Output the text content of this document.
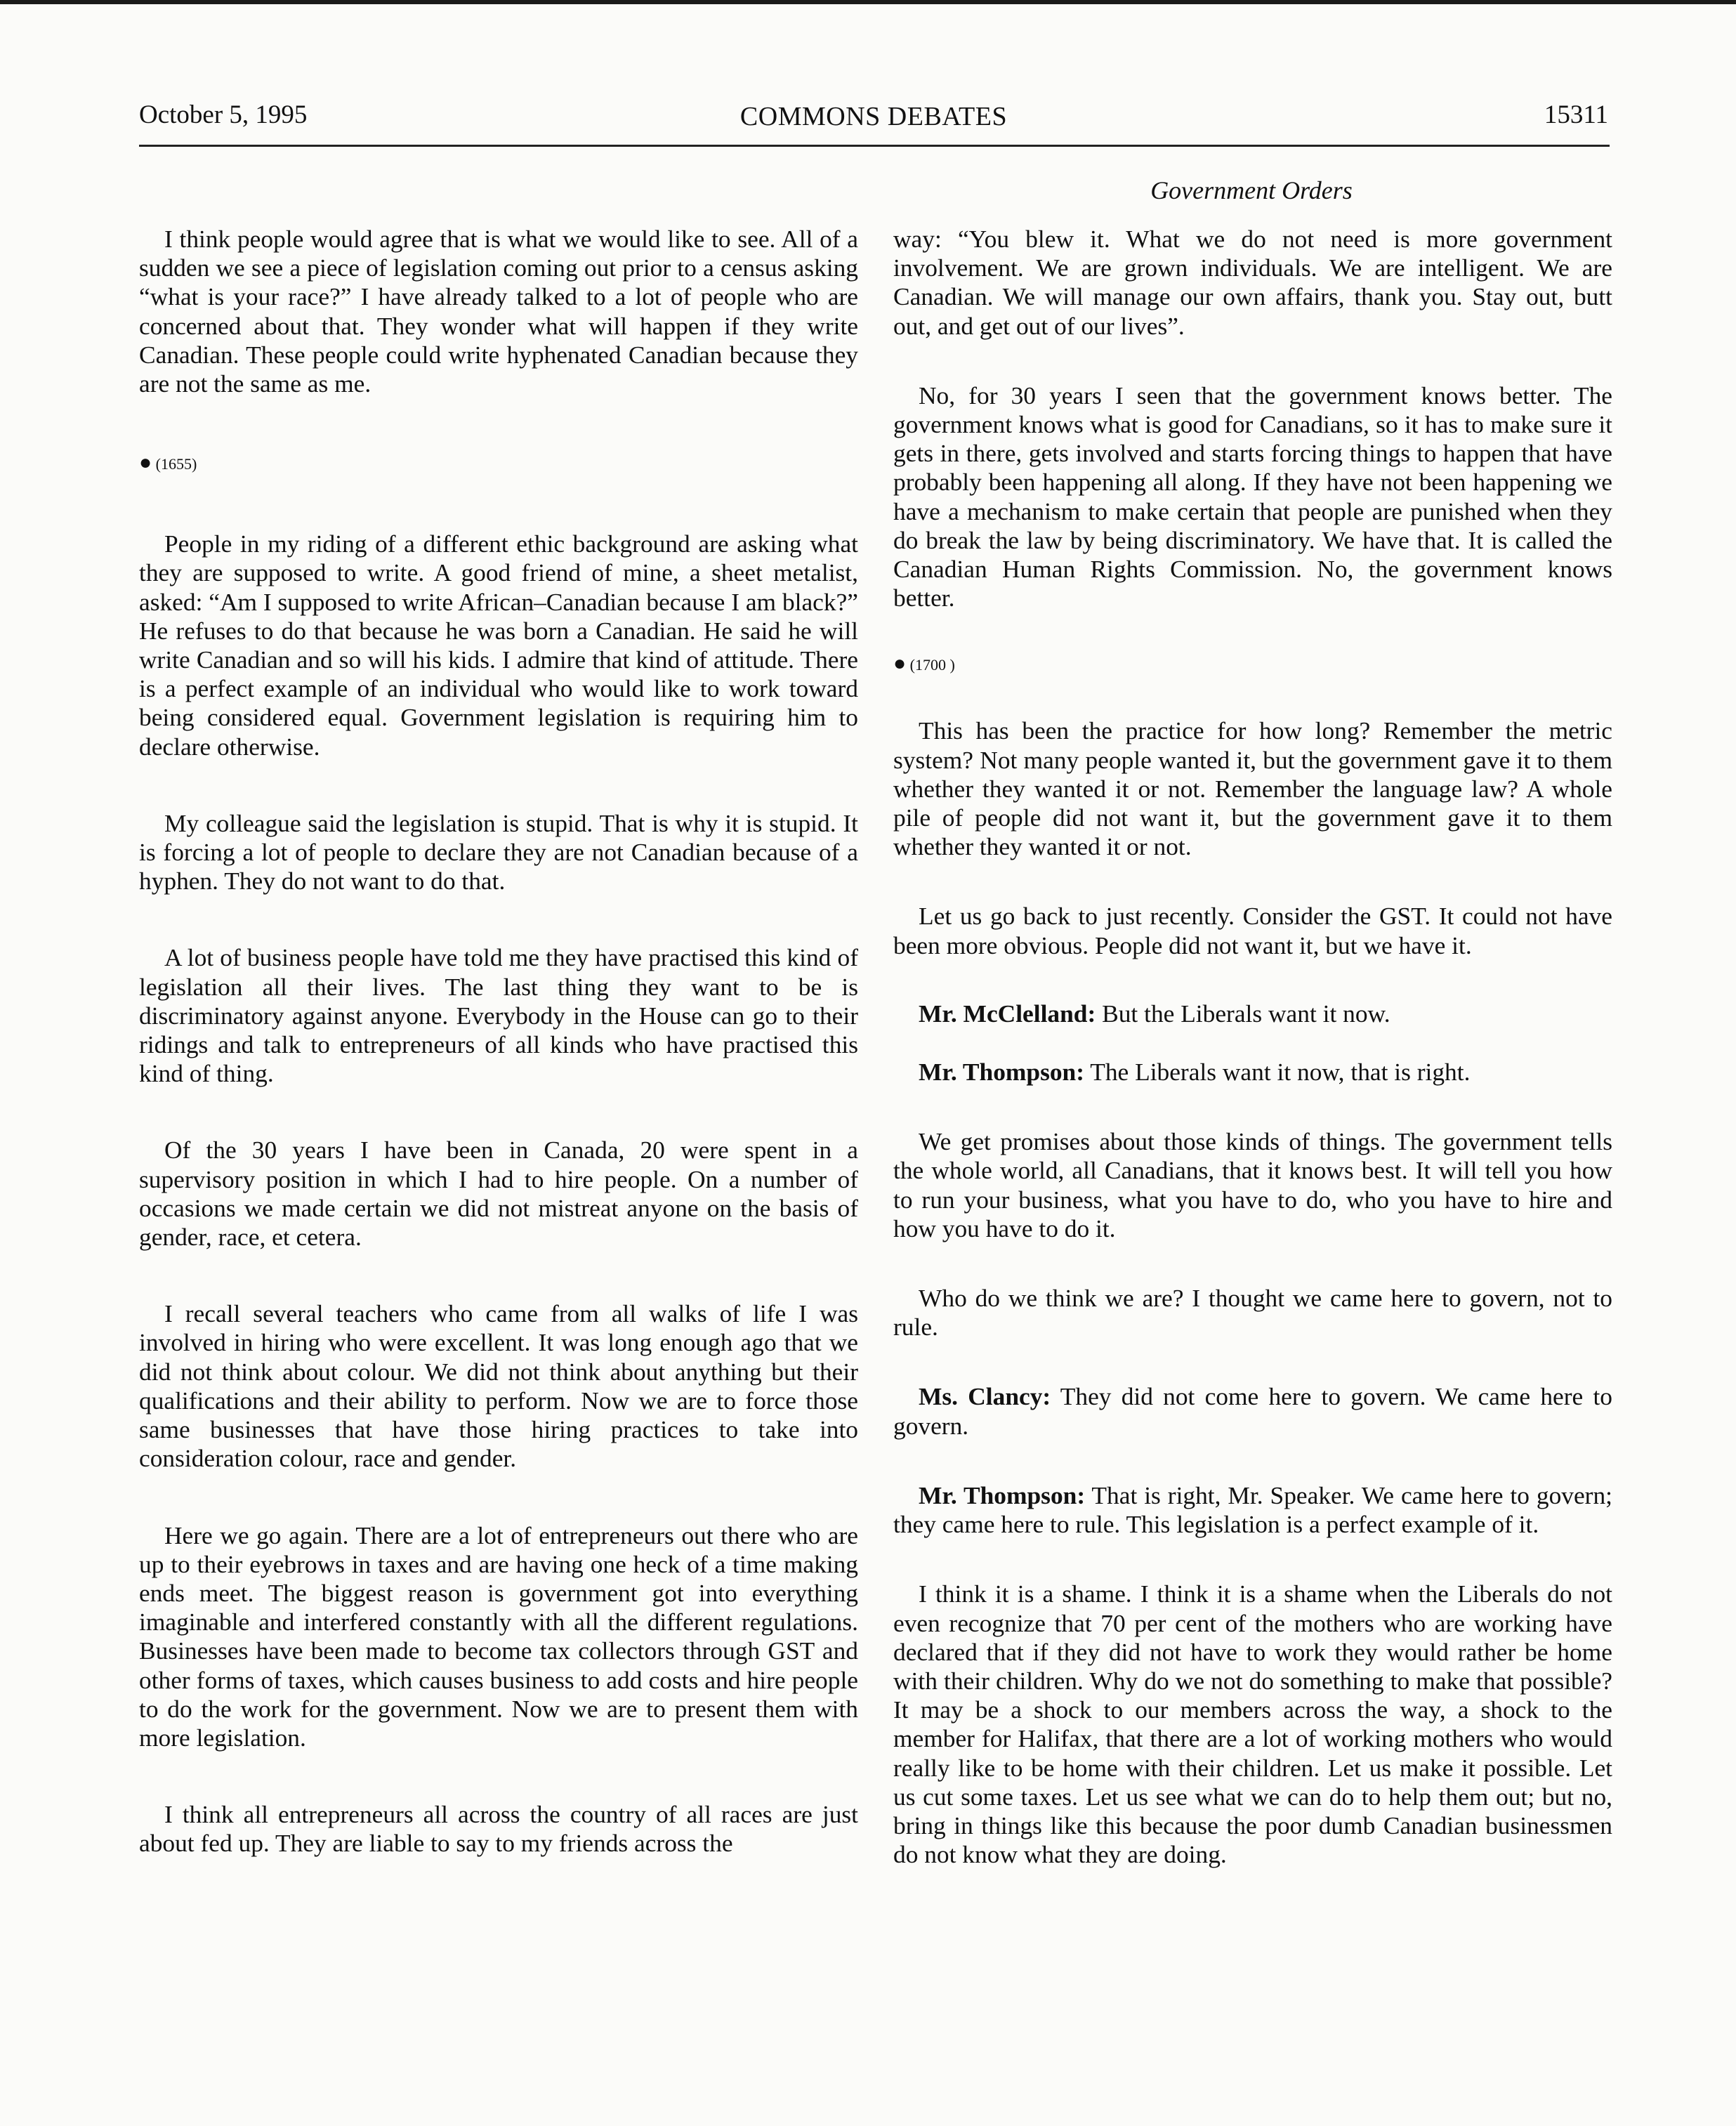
October 5, 1995	COMMONS DEBATES	15311
Government Orders

I think people would agree that is what we would like to see. All of a sudden we see a piece of legislation coming out prior to a census asking “what is your race?” I have already talked to a lot of people who are concerned about that. They wonder what will happen if they write Canadian. These people could write hyphenated Canadian because they are not the same as me.

● (1655)

People in my riding of a different ethic background are asking what they are supposed to write. A good friend of mine, a sheet metalist, asked: “Am I supposed to write African–Canadian because I am black?” He refuses to do that because he was born a Canadian. He said he will write Canadian and so will his kids. I admire that kind of attitude. There is a perfect example of an individual who would like to work toward being considered equal. Government legislation is requiring him to declare otherwise.

My colleague said the legislation is stupid. That is why it is stupid. It is forcing a lot of people to declare they are not Canadian because of a hyphen. They do not want to do that.

A lot of business people have told me they have practised this kind of legislation all their lives. The last thing they want to be is discriminatory against anyone. Everybody in the House can go to their ridings and talk to entrepreneurs of all kinds who have practised this kind of thing.

Of the 30 years I have been in Canada, 20 were spent in a supervisory position in which I had to hire people. On a number of occasions we made certain we did not mistreat anyone on the basis of gender, race, et cetera.

I recall several teachers who came from all walks of life I was involved in hiring who were excellent. It was long enough ago that we did not think about colour. We did not think about anything but their qualifications and their ability to perform. Now we are to force those same businesses that have those hiring practices to take into consideration colour, race and gender.

Here we go again. There are a lot of entrepreneurs out there who are up to their eyebrows in taxes and are having one heck of a time making ends meet. The biggest reason is government got into everything imaginable and interfered constantly with all the different regulations. Businesses have been made to become tax collectors through GST and other forms of taxes, which causes business to add costs and hire people to do the work for the government. Now we are to present them with more legislation.

I think all entrepreneurs all across the country of all races are just about fed up. They are liable to say to my friends across the

way: “You blew it. What we do not need is more government involvement. We are grown individuals. We are intelligent. We are Canadian. We will manage our own affairs, thank you. Stay out, butt out, and get out of our lives”.

No, for 30 years I seen that the government knows better. The government knows what is good for Canadians, so it has to make sure it gets in there, gets involved and starts forcing things to happen that have probably been happening all along. If they have not been happening we have a mechanism to make certain that people are punished when they do break the law by being discriminatory. We have that. It is called the Canadian Human Rights Commission. No, the government knows better.

● (1700 )

This has been the practice for how long? Remember the metric system? Not many people wanted it, but the government gave it to them whether they wanted it or not. Remember the language law? A whole pile of people did not want it, but the government gave it to them whether they wanted it or not.

Let us go back to just recently. Consider the GST. It could not have been more obvious. People did not want it, but we have it.

Mr. McClelland: But the Liberals want it now.

Mr. Thompson: The Liberals want it now, that is right.

We get promises about those kinds of things. The government tells the whole world, all Canadians, that it knows best. It will tell you how to run your business, what you have to do, who you have to hire and how you have to do it.

Who do we think we are? I thought we came here to govern, not to rule.

Ms. Clancy: They did not come here to govern. We came here to govern.

Mr. Thompson: That is right, Mr. Speaker. We came here to govern; they came here to rule. This legislation is a perfect example of it.

I think it is a shame. I think it is a shame when the Liberals do not even recognize that 70 per cent of the mothers who are working have declared that if they did not have to work they would rather be home with their children. Why do we not do something to make that possible? It may be a shock to our members across the way, a shock to the member for Halifax, that there are a lot of working mothers who would really like to be home with their children. Let us make it possible. Let us cut some taxes. Let us see what we can do to help them out; but no, bring in things like this because the poor dumb Canadian businessmen do not know what they are doing.
